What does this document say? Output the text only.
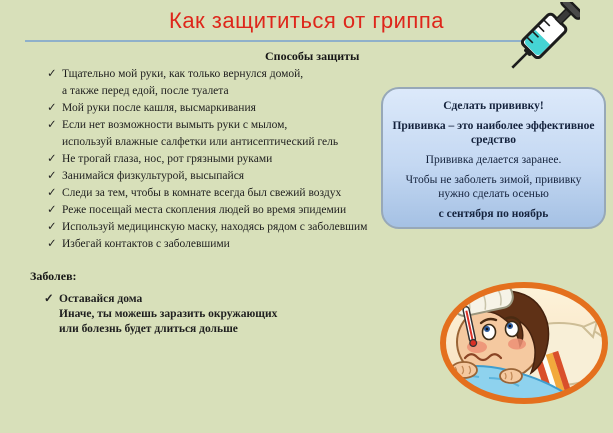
Как защититься от гриппа
Способы защиты
✓ Тщательно мой руки, как только вернулся домой,
а также перед едой, после туалета
✓ Мой руки после кашля, высмаркивания
✓ Если нет возможности вымыть руки с мылом,
используй влажные салфетки или антисептический гель
✓ Не трогай глаза, нос, рот грязными руками
✓ Занимайся физкультурой, высыпайся
✓ Следи за тем, чтобы в комнате всегда был свежий воздух
✓ Реже посещай места скопления людей во время эпидемии
✓ Используй медицинскую маску, находясь рядом с заболевшим
✓ Избегай контактов с заболевшими
Заболев:
✓ Оставайся дома
Иначе, ты можешь заразить окружающих
или болезнь будет длиться дольше

Сделать прививку!

Прививка – это наиболее эффективное средство

Прививка делается заранее.

Чтобы не заболеть зимой, прививку нужно сделать осенью

с сентября по ноябрь
